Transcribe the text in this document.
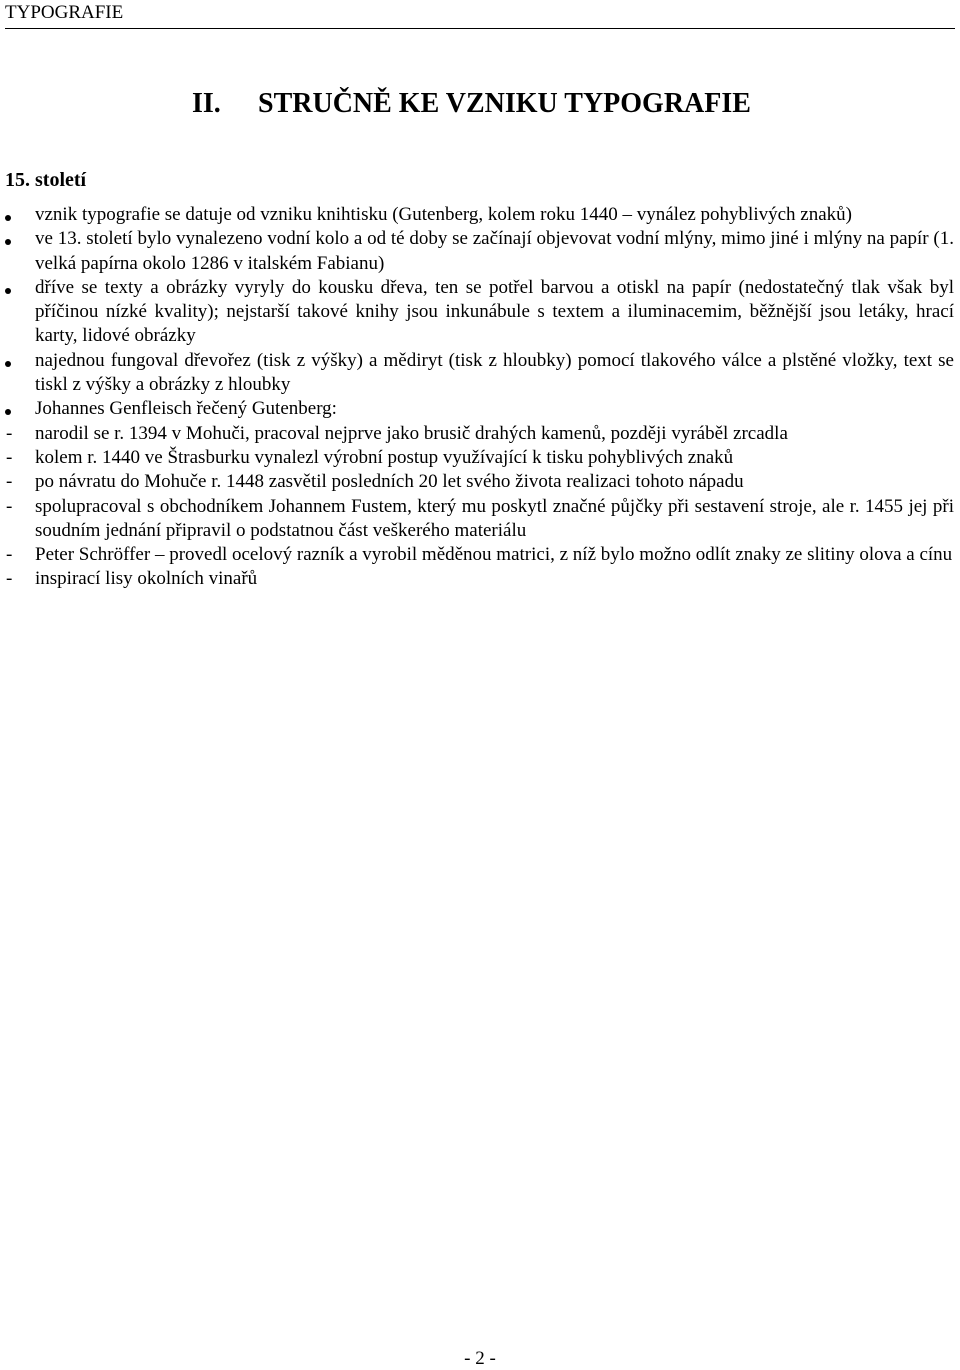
TYPOGRAFIE
II. STRUČNĚ KE VZNIKU TYPOGRAFIE
15. století
vznik typografie se datuje od vzniku knihtisku (Gutenberg, kolem roku 1440 – vynález pohyblivých znaků)
ve 13. století bylo vynalezeno vodní kolo a od té doby se začínají objevovat vodní mlýny, mimo jiné i mlýny na papír (1. velká papírna okolo 1286 v italském Fabianu)
dříve se texty a obrázky vyryly do kousku dřeva, ten se potřel barvou a otiskl na papír (nedostatečný tlak však byl příčinou nízké kvality); nejstarší takové knihy jsou inkunábule s textem a iluminacemim, běžnější jsou letáky, hrací karty, lidové obrázky
najednou fungoval dřevořez (tisk z výšky) a mědiryt (tisk z hloubky) pomocí tlakového válce a plstěné vložky, text se tiskl z výšky a obrázky z hloubky
Johannes Genfleisch řečený Gutenberg:
- narodil se r. 1394 v Mohuči, pracoval nejprve jako brusič drahých kamenů, později vyráběl zrcadla
- kolem r. 1440 ve Štrasburku vynalezl výrobní postup využívající k tisku pohyblivých znaků
- po návratu do Mohuče r. 1448 zasvětil posledních 20 let svého života realizaci tohoto nápadu
- spolupracoval s obchodníkem Johannem Fustem, který mu poskytl značné půjčky při sestavení stroje, ale r. 1455 jej při soudním jednání připravil o podstatnou část veškerého materiálu
- Peter Schröffer – provedl ocelový razník a vyrobil měděnou matrici, z níž bylo možno odlít znaky ze slitiny olova a cínu
- inspirací lisy okolních vinařů
- 2 -
